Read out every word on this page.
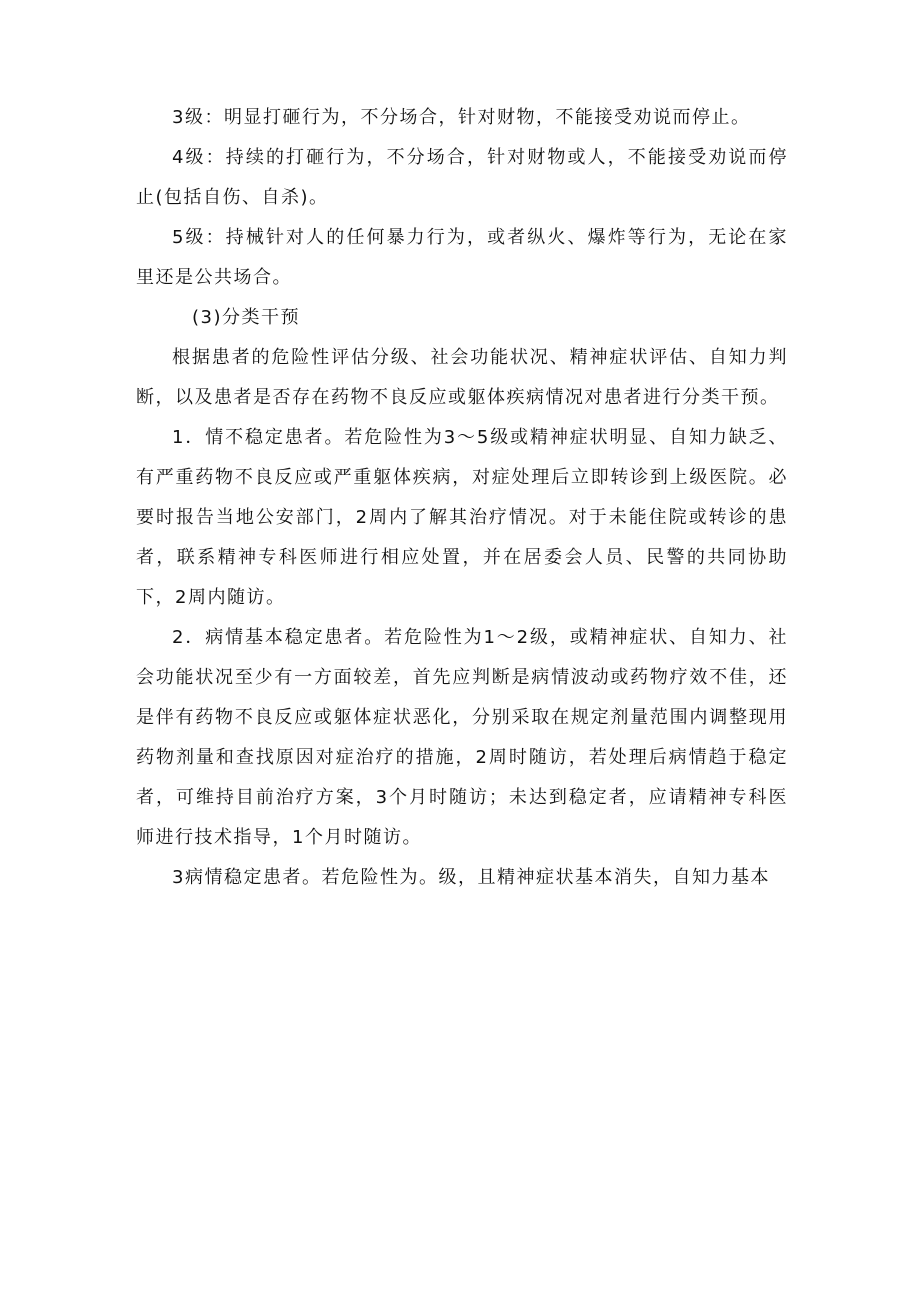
3级：明显打砸行为，不分场合，针对财物，不能接受劝说而停止。

4级：持续的打砸行为，不分场合，针对财物或人，不能接受劝说而停止(包括自伤、自杀)。

5级：持械针对人的任何暴力行为，或者纵火、爆炸等行为，无论在家里还是公共场合。

(3)分类干预

根据患者的危险性评估分级、社会功能状况、精神症状评估、自知力判断，以及患者是否存在药物不良反应或躯体疾病情况对患者进行分类干预。

1．情不稳定患者。若危险性为3～5级或精神症状明显、自知力缺乏、有严重药物不良反应或严重躯体疾病，对症处理后立即转诊到上级医院。必要时报告当地公安部门，2周内了解其治疗情况。对于未能住院或转诊的患者，联系精神专科医师进行相应处置，并在居委会人员、民警的共同协助下，2周内随访。

2．病情基本稳定患者。若危险性为1～2级，或精神症状、自知力、社会功能状况至少有一方面较差，首先应判断是病情波动或药物疗效不佳，还是伴有药物不良反应或躯体症状恶化，分别采取在规定剂量范围内调整现用药物剂量和查找原因对症治疗的措施，2周时随访，若处理后病情趋于稳定者，可维持目前治疗方案，3个月时随访；未达到稳定者，应请精神专科医师进行技术指导，1个月时随访。

3病情稳定患者。若危险性为。级，且精神症状基本消失，自知力基本
